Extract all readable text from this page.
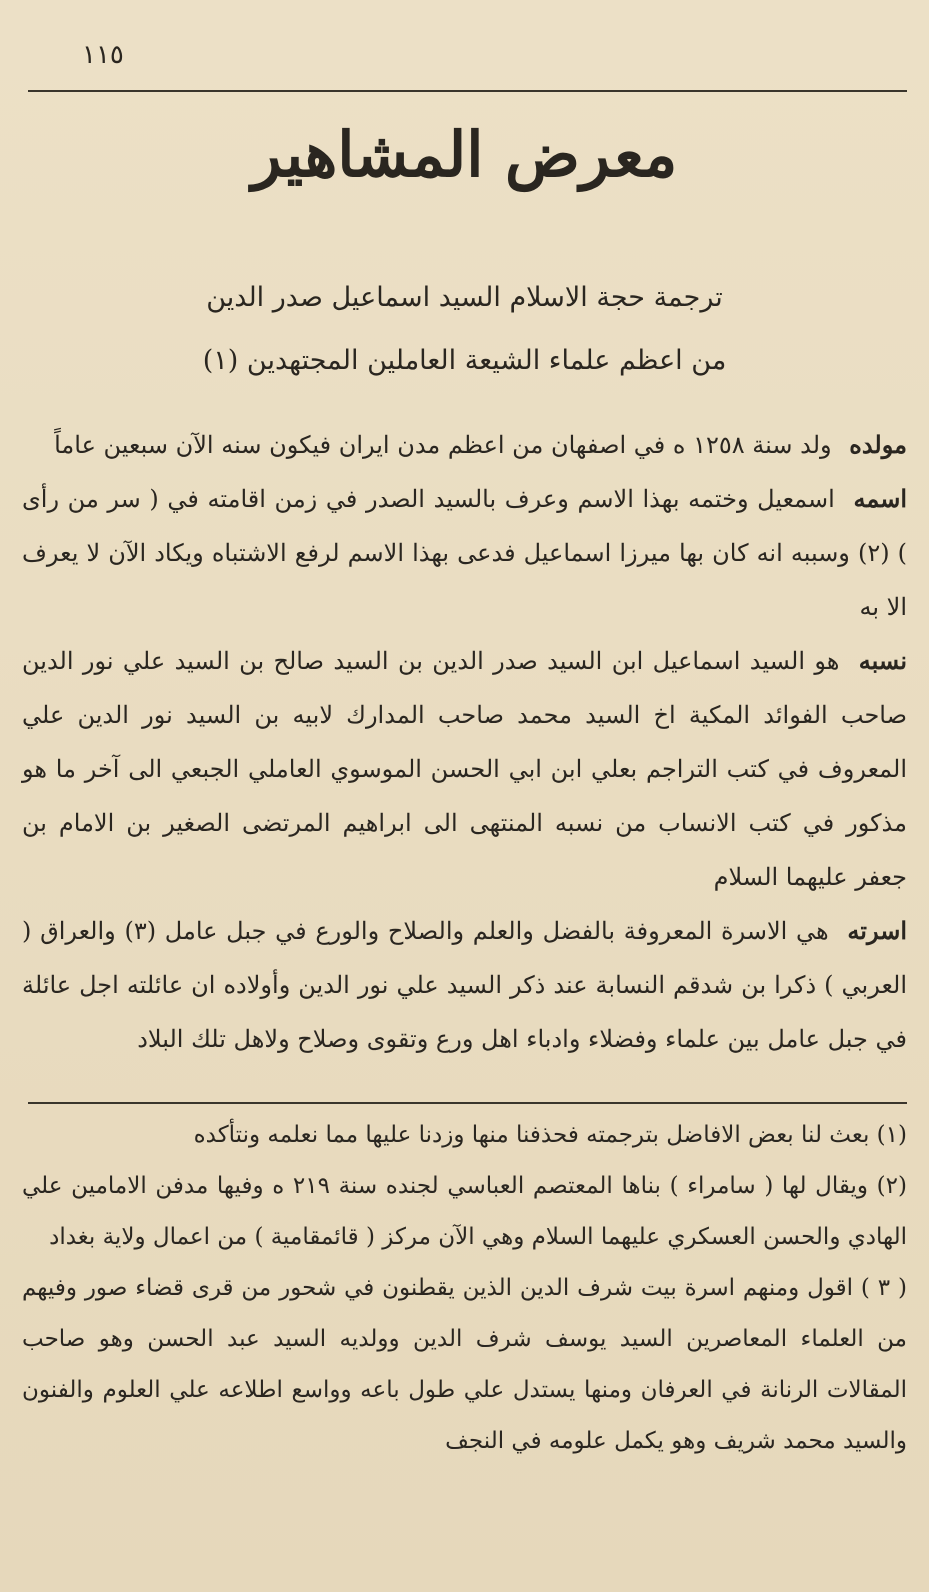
١١٥
معرض المشاهير
ترجمة حجة الاسلام السيد اسماعيل صدر الدين
من اعظم علماء الشيعة العاملين المجتهدين (١)

مولده ولد سنة ١٢٥٨ ه في اصفهان من اعظم مدن ايران فيكون سنه الآن سبعين عاماً

اسمه اسمعيل وختمه بهذا الاسم وعرف بالسيد الصدر في زمن اقامته في ( سر من رأى ) (٢) وسببه انه كان بها ميرزا اسماعيل فدعى بهذا الاسم لرفع الاشتباه ويكاد الآن لا يعرف الا به

نسبه هو السيد اسماعيل ابن السيد صدر الدين بن السيد صالح بن السيد علي نور الدين صاحب الفوائد المكية اخ السيد محمد صاحب المدارك لابيه بن السيد نور الدين علي المعروف في كتب التراجم بعلي ابن ابي الحسن الموسوي العاملي الجبعي الى آخر ما هو مذكور في كتب الانساب من نسبه المنتهى الى ابراهيم المرتضى الصغير بن الامام بن جعفر عليهما السلام

اسرته هي الاسرة المعروفة بالفضل والعلم والصلاح والورع في جبل عامل (٣) والعراق ( العربي ) ذكرا بن شدقم النسابة عند ذكر السيد علي نور الدين وأولاده ان عائلته اجل عائلة في جبل عامل بين علماء وفضلاء وادباء اهل ورع وتقوى وصلاح ولاهل تلك البلاد

(١) بعث لنا بعض الافاضل بترجمته فحذفنا منها وزدنا عليها مما نعلمه ونتأكده

(٢) ويقال لها ( سامراء ) بناها المعتصم العباسي لجنده سنة ٢١٩ ه وفيها مدفن الامامين علي الهادي والحسن العسكري عليهما السلام وهي الآن مركز ( قائمقامية ) من اعمال ولاية بغداد

( ٣ ) اقول ومنهم اسرة بيت شرف الدين الذين يقطنون في شحور من قرى قضاء صور وفيهم من العلماء المعاصرين السيد يوسف شرف الدين وولديه السيد عبد الحسن وهو صاحب المقالات الرنانة في العرفان ومنها يستدل علي طول باعه وواسع اطلاعه علي العلوم والفنون والسيد محمد شريف وهو يكمل علومه في النجف
